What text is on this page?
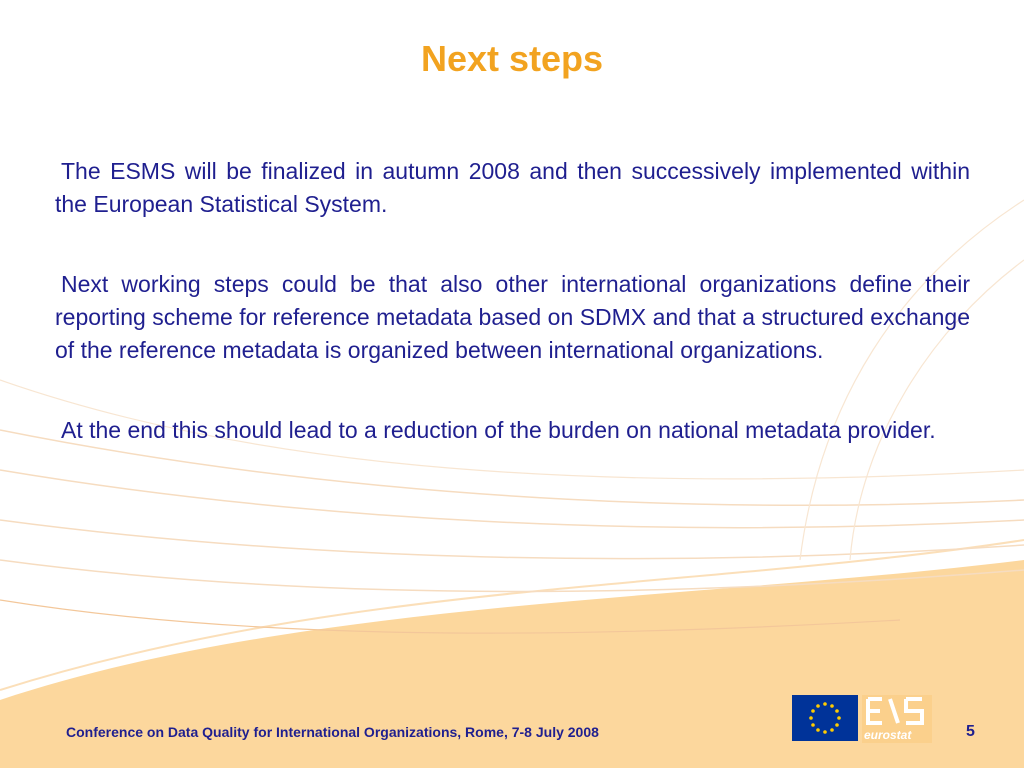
Next steps

The ESMS will be finalized in autumn 2008 and then successively implemented within the European Statistical System.

Next working steps could be that also other international organizations define their reporting scheme for reference metadata based on SDMX and that a structured exchange of the reference metadata is organized between international organizations.

At the end this should lead to a reduction of the burden on national metadata provider.

eurostat
Conference on Data Quality for International Organizations, Rome, 7-8 July 2008	5
